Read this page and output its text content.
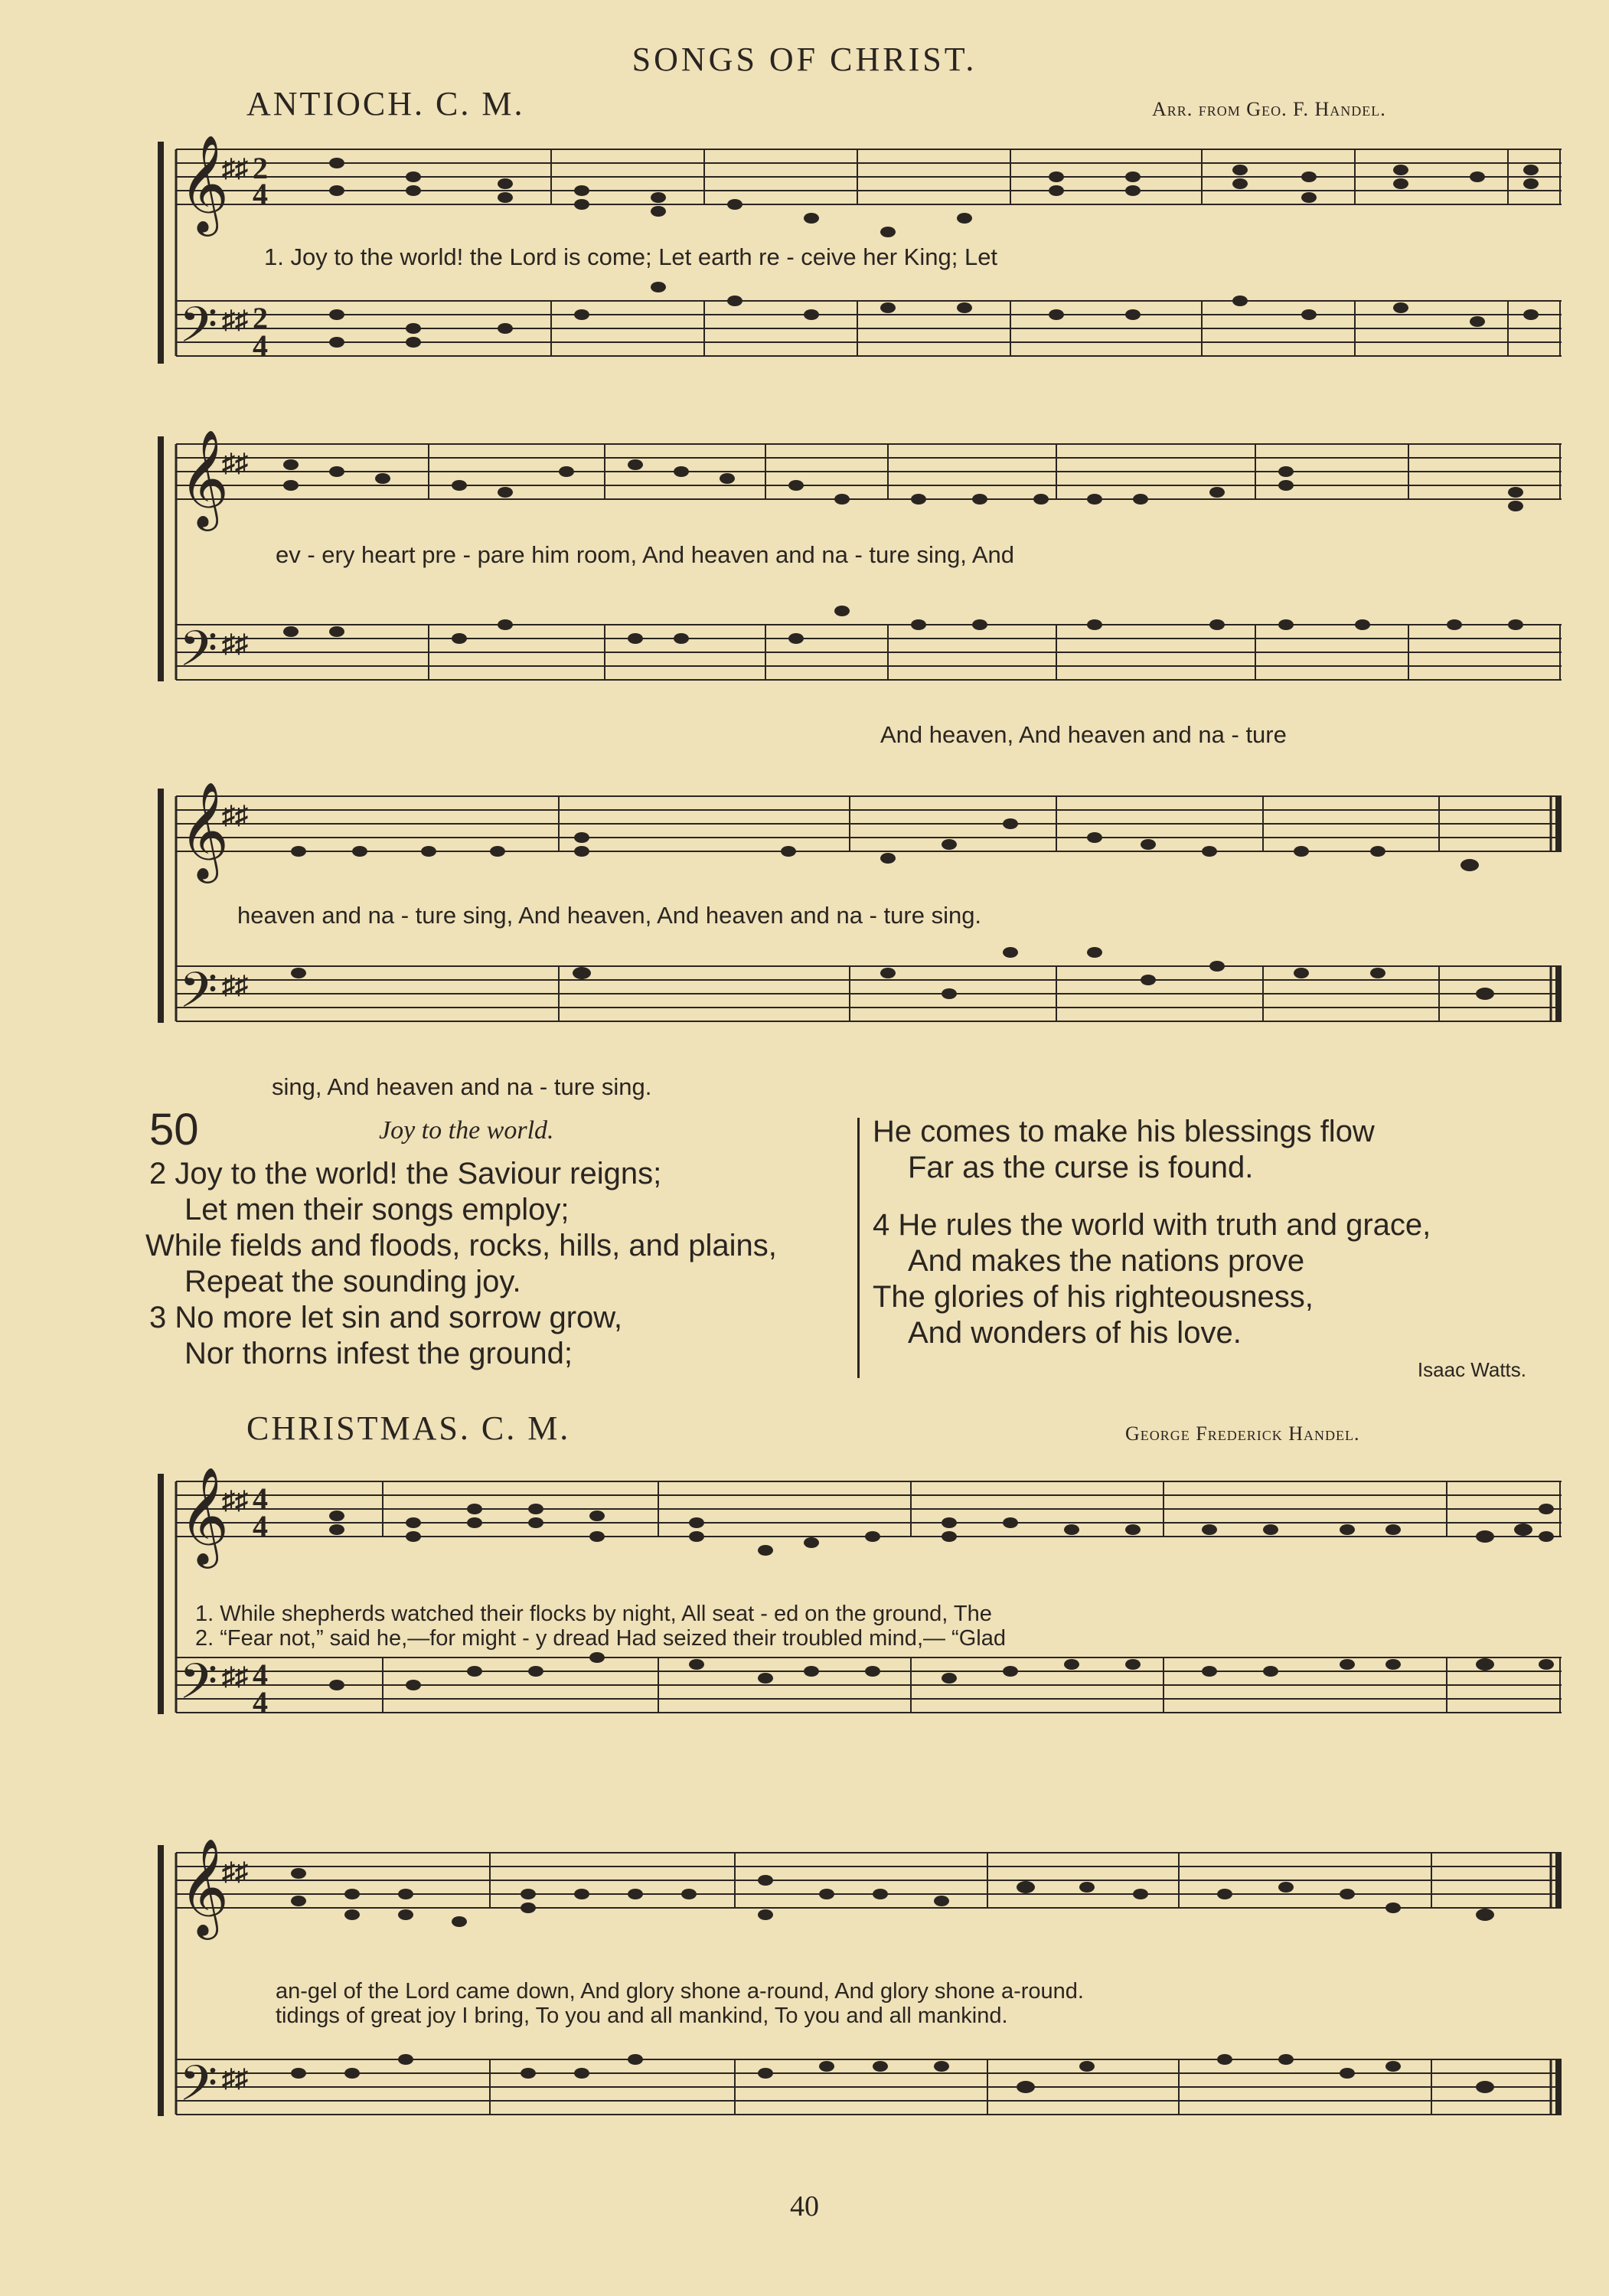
SONGS OF CHRIST.
ANTIOCH. C. M.	Arr. from Geo. F. Handel.
𝄞
𝄢
♯♯ 2
4
♯♯ 2
4
1. Joy to the world! the Lord is come; Let earth re - ceive her King; Let
𝄞
𝄢
♯♯
♯♯
ev - ery heart pre - pare him room, And heaven and na - ture sing, And
And heaven, And heaven and na - ture
𝄞
𝄢
♯♯
♯♯
heaven and na - ture sing, And heaven, And heaven and na - ture sing.
sing, And heaven and na - ture sing.
50	Joy to the world.
2 Joy to the world! the Saviour reigns;
Let men their songs employ;
While fields and floods, rocks, hills, and plains,
Repeat the sounding joy.
3 No more let sin and sorrow grow,
Nor thorns infest the ground;
He comes to make his blessings flow
Far as the curse is found.
4 He rules the world with truth and grace,
And makes the nations prove
The glories of his righteousness,
And wonders of his love.
Isaac Watts.
CHRISTMAS. C. M.	George Frederick Handel.
𝄞
𝄢
♯♯ 4
4
♯♯ 4
4
1. While shepherds watched their flocks by night, All seat - ed on the ground, The
2. “Fear not,” said he,—for might - y dread Had seized their troubled mind,— “Glad
𝄞
𝄢
♯♯
♯♯
an-gel of the Lord came down, And glory shone a-round, And glory shone a-round.
tidings of great joy I bring, To you and all mankind, To you and all mankind.
40
